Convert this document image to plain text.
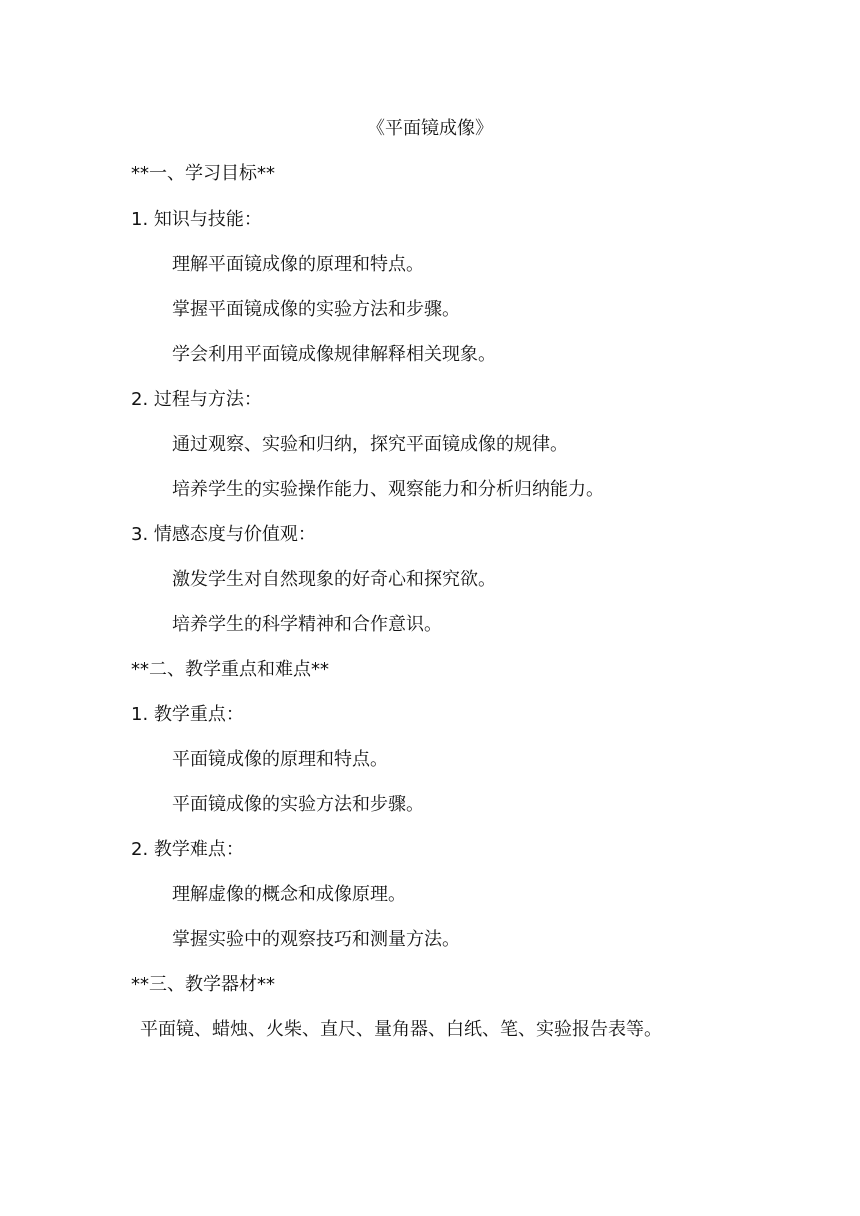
《平面镜成像》
**一、学习目标**
1. 知识与技能：
理解平面镜成像的原理和特点。
掌握平面镜成像的实验方法和步骤。
学会利用平面镜成像规律解释相关现象。
2. 过程与方法：
通过观察、实验和归纳，探究平面镜成像的规律。
培养学生的实验操作能力、观察能力和分析归纳能力。
3. 情感态度与价值观：
激发学生对自然现象的好奇心和探究欲。
培养学生的科学精神和合作意识。
**二、教学重点和难点**
1. 教学重点：
平面镜成像的原理和特点。
平面镜成像的实验方法和步骤。
2. 教学难点：
理解虚像的概念和成像原理。
掌握实验中的观察技巧和测量方法。
**三、教学器材**
平面镜、蜡烛、火柴、直尺、量角器、白纸、笔、实验报告表等。
